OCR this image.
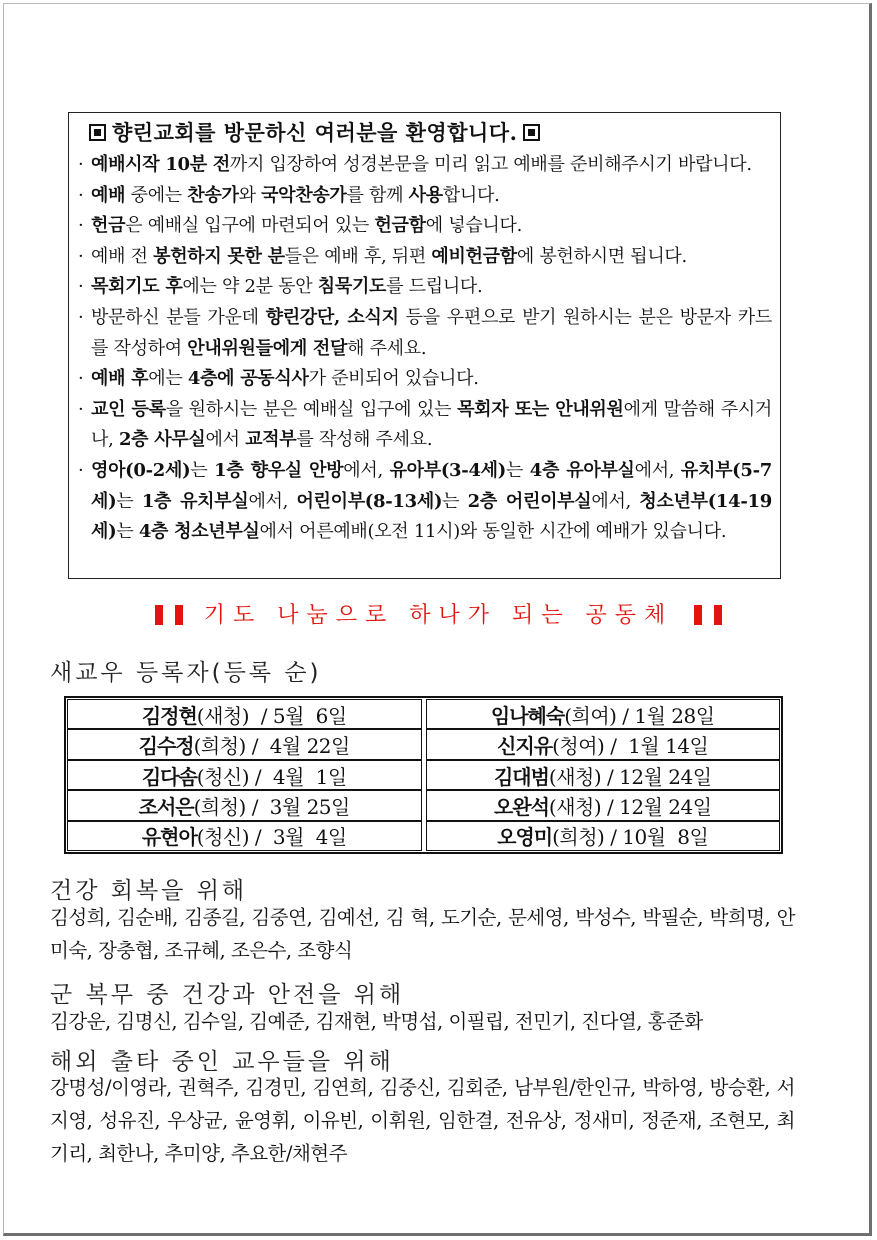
향린교회를 방문하신 여러분을 환영합니다.
· 예배시작 10분 전까지 입장하여 성경본문을 미리 읽고 예배를 준비해주시기 바랍니다.
· 예배 중에는 찬송가와 국악찬송가를 함께 사용합니다.
· 헌금은 예배실 입구에 마련되어 있는 헌금함에 넣습니다.
· 예배 전 봉헌하지 못한 분들은 예배 후, 뒤편 예비헌금함에 봉헌하시면 됩니다.
· 목회기도 후에는 약 2분 동안 침묵기도를 드립니다.
· 방문하신 분들 가운데 향린강단, 소식지 등을 우편으로 받기 원하시는 분은 방문자 카드를 작성하여 안내위원들에게 전달해 주세요.
· 예배 후에는 4층에 공동식사가 준비되어 있습니다.
· 교인 등록을 원하시는 분은 예배실 입구에 있는 목회자 또는 안내위원에게 말씀해 주시거나, 2층 사무실에서 교적부를 작성해 주세요.
· 영아(0-2세)는 1층 향우실 안방에서, 유아부(3-4세)는 4층 유아부실에서, 유치부(5-7세)는 1층 유치부실에서, 어린이부(8-13세)는 2층 어린이부실에서, 청소년부(14-19세)는 4층 청소년부실에서 어른예배(오전 11시)와 동일한 시간에 예배가 있습니다.
기도 나눔으로 하나가 되는 공동체
새교우 등록자(등록 순)
김정현 (새청)  / 5월  6일	임나혜숙 (희여) / 1월 28일
김수정 (희청) /  4월 22일	신지유 (청여) /  1월 14일
김다솜 (청신) /  4월  1일	김대범 (새청) / 12월 24일
조서은 (희청) /  3월 25일	오완석 (새청) / 12월 24일
유현아 (청신) /  3월  4일	오영미 (희청) / 10월  8일
건강 회복을 위해
김성희, 김순배, 김종길, 김중연, 김예선, 김 혁, 도기순, 문세영, 박성수, 박필순, 박희명, 안미숙, 장충협, 조규혜, 조은수, 조향식
군 복무 중 건강과 안전을 위해
김강운, 김명신, 김수일, 김예준, 김재현, 박명섭, 이필립, 전민기, 진다열, 홍준화
해외 출타 중인 교우들을 위해
강명성/이영라, 권혁주, 김경민, 김연희, 김중신, 김회준, 남부원/한인규, 박하영, 방승환, 서지영, 성유진, 우상균, 윤영휘, 이유빈, 이휘원, 임한결, 전유상, 정새미, 정준재, 조현모, 최기리, 최한나, 추미양, 추요한/채현주
